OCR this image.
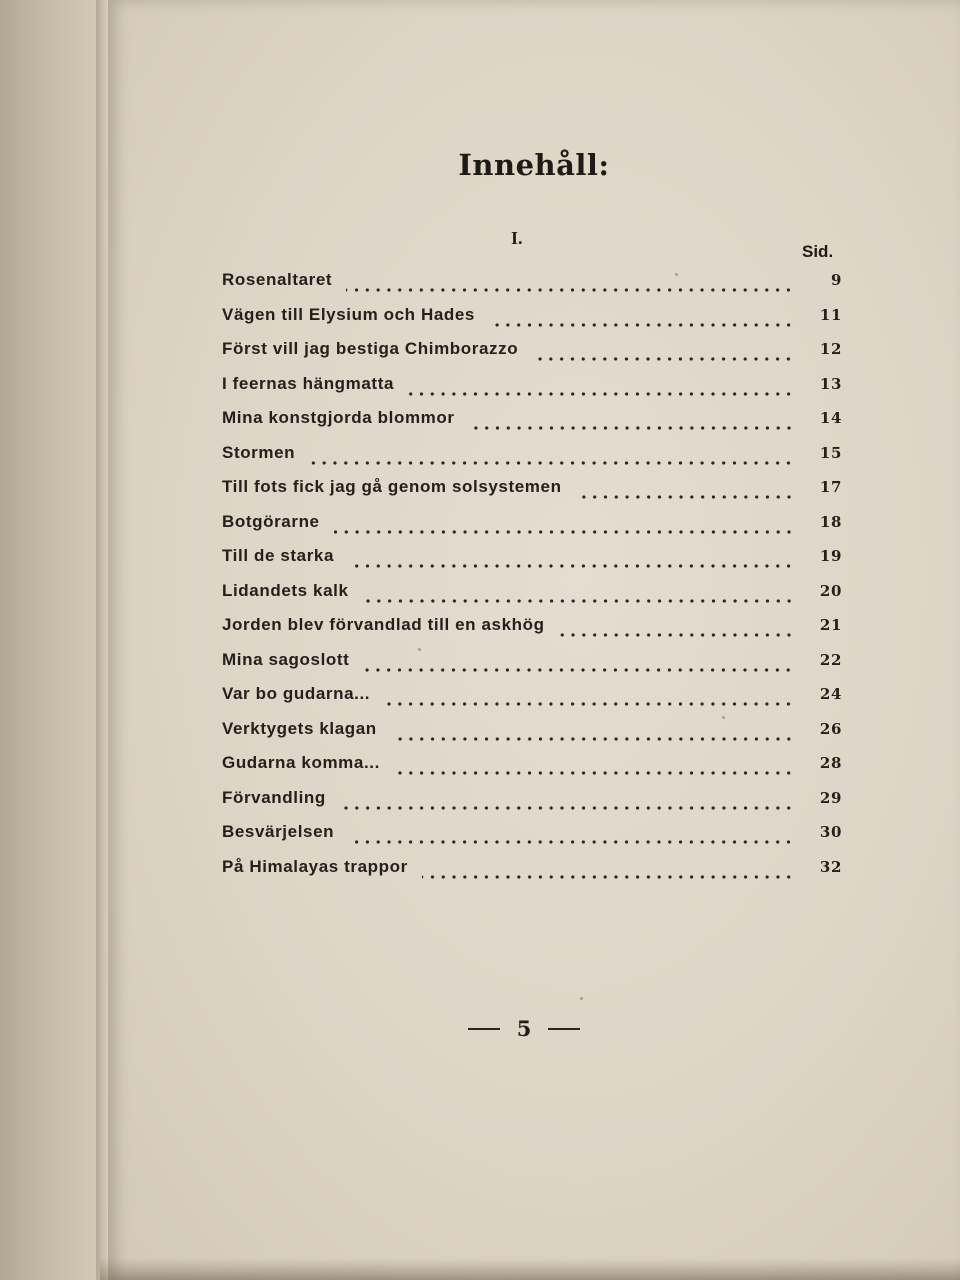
Innehåll:
I.
Sid.
Rosenaltaret	9
Vägen till Elysium och Hades	11
Först vill jag bestiga Chimborazzo	12
I feernas hängmatta	13
Mina konstgjorda blommor	14
Stormen	15
Till fots fick jag gå genom solsystemen	17
Botgörarne	18
Till de starka	19
Lidandets kalk	20
Jorden blev förvandlad till en askhög	21
Mina sagoslott	22
Var bo gudarna...	24
Verktygets klagan	26
Gudarna komma...	28
Förvandling	29
Besvärjelsen	30
På Himalayas trappor	32
5
